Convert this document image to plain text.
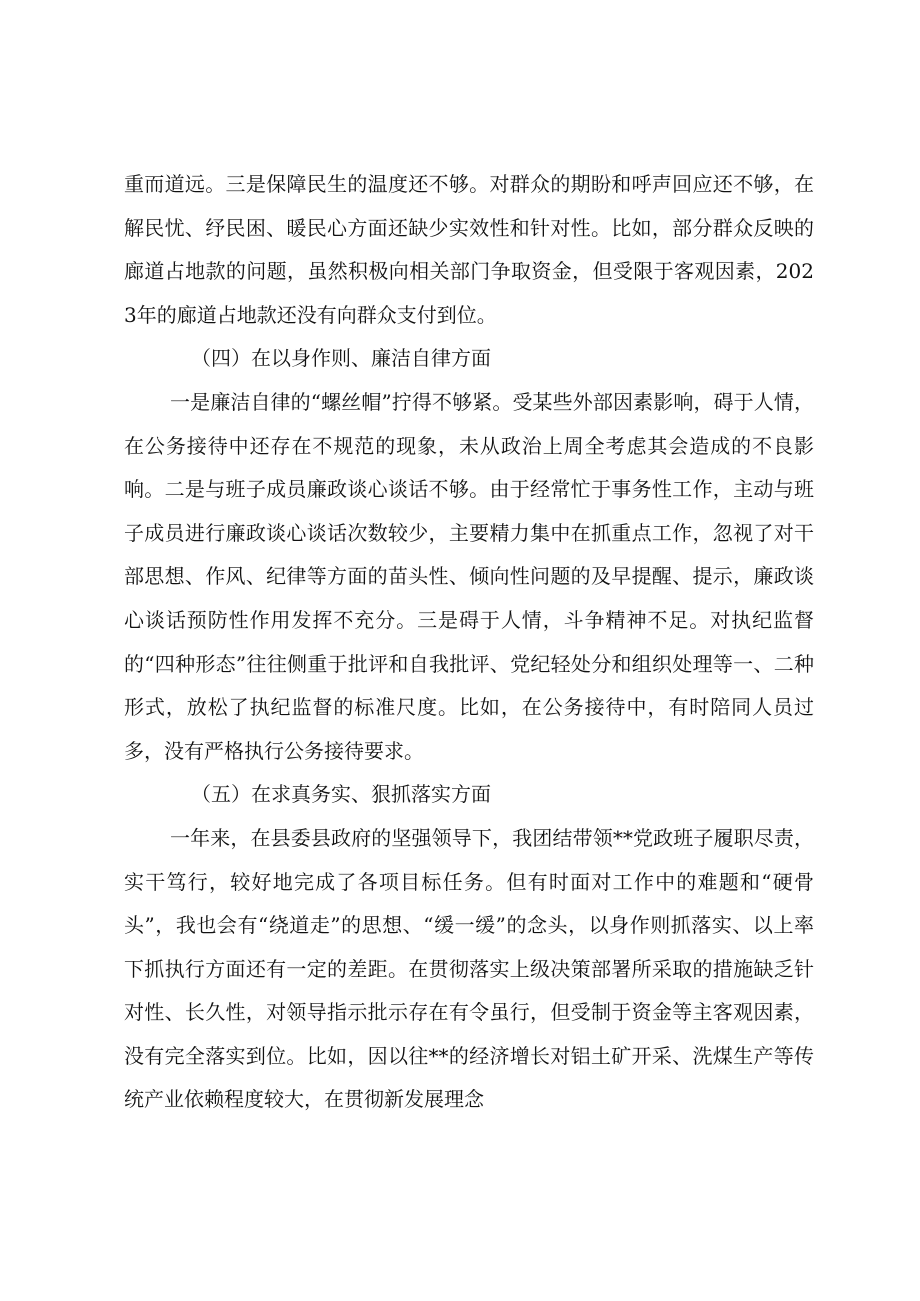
重而道远。三是保障民生的温度还不够。对群众的期盼和呼声回应还不够，在解民忧、纾民困、暖民心方面还缺少实效性和针对性。比如，部分群众反映的廊道占地款的问题，虽然积极向相关部门争取资金，但受限于客观因素，2023年的廊道占地款还没有向群众支付到位。

（四）在以身作则、廉洁自律方面

一是廉洁自律的“螺丝帽”拧得不够紧。受某些外部因素影响，碍于人情，在公务接待中还存在不规范的现象，未从政治上周全考虑其会造成的不良影响。二是与班子成员廉政谈心谈话不够。由于经常忙于事务性工作，主动与班子成员进行廉政谈心谈话次数较少，主要精力集中在抓重点工作，忽视了对干部思想、作风、纪律等方面的苗头性、倾向性问题的及早提醒、提示，廉政谈心谈话预防性作用发挥不充分。三是碍于人情，斗争精神不足。对执纪监督的“四种形态”往往侧重于批评和自我批评、党纪轻处分和组织处理等一、二种形式，放松了执纪监督的标准尺度。比如，在公务接待中，有时陪同人员过多，没有严格执行公务接待要求。

（五）在求真务实、狠抓落实方面

一年来，在县委县政府的坚强领导下，我团结带领**党政班子履职尽责，实干笃行，较好地完成了各项目标任务。但有时面对工作中的难题和“硬骨头”，我也会有“绕道走”的思想、“缓一缓”的念头，以身作则抓落实、以上率下抓执行方面还有一定的差距。在贯彻落实上级决策部署所采取的措施缺乏针对性、长久性，对领导指示批示存在有令虽行，但受制于资金等主客观因素，没有完全落实到位。比如，因以往**的经济增长对铝土矿开采、洗煤生产等传统产业依赖程度较大，在贯彻新发展理念
